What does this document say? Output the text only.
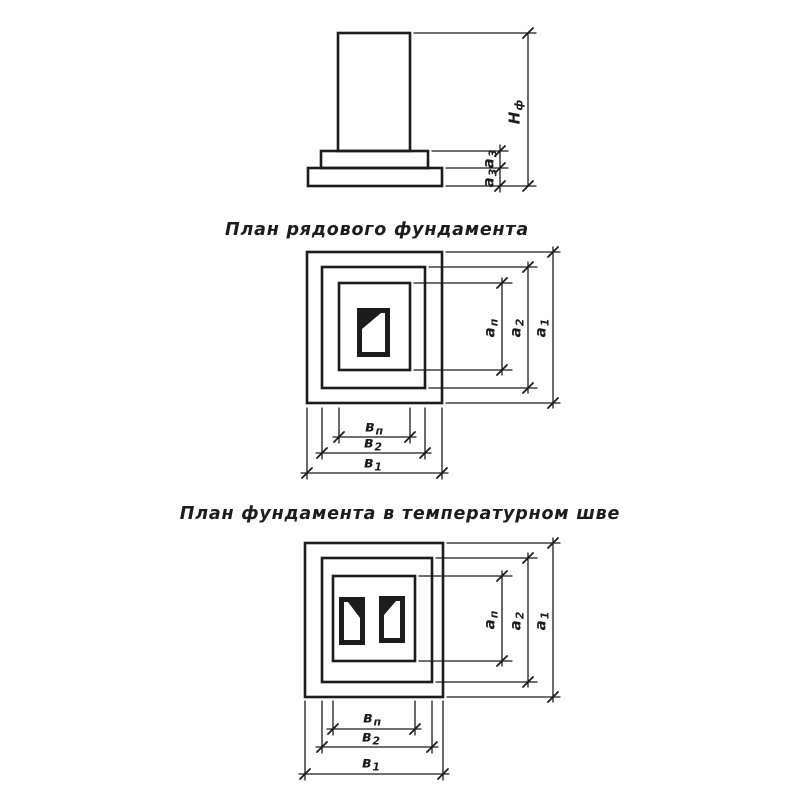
$Н_ф$
$а_3$
$а_3$
План рядового фундамента
$а_п$
$а_2$
$а_1$
$в_п$
$в_2$
$в_1$
План фундамента в температурном шве
$а_п$
$а_2$
$а_1$
$в_п$
$в_2$
$в_1$
